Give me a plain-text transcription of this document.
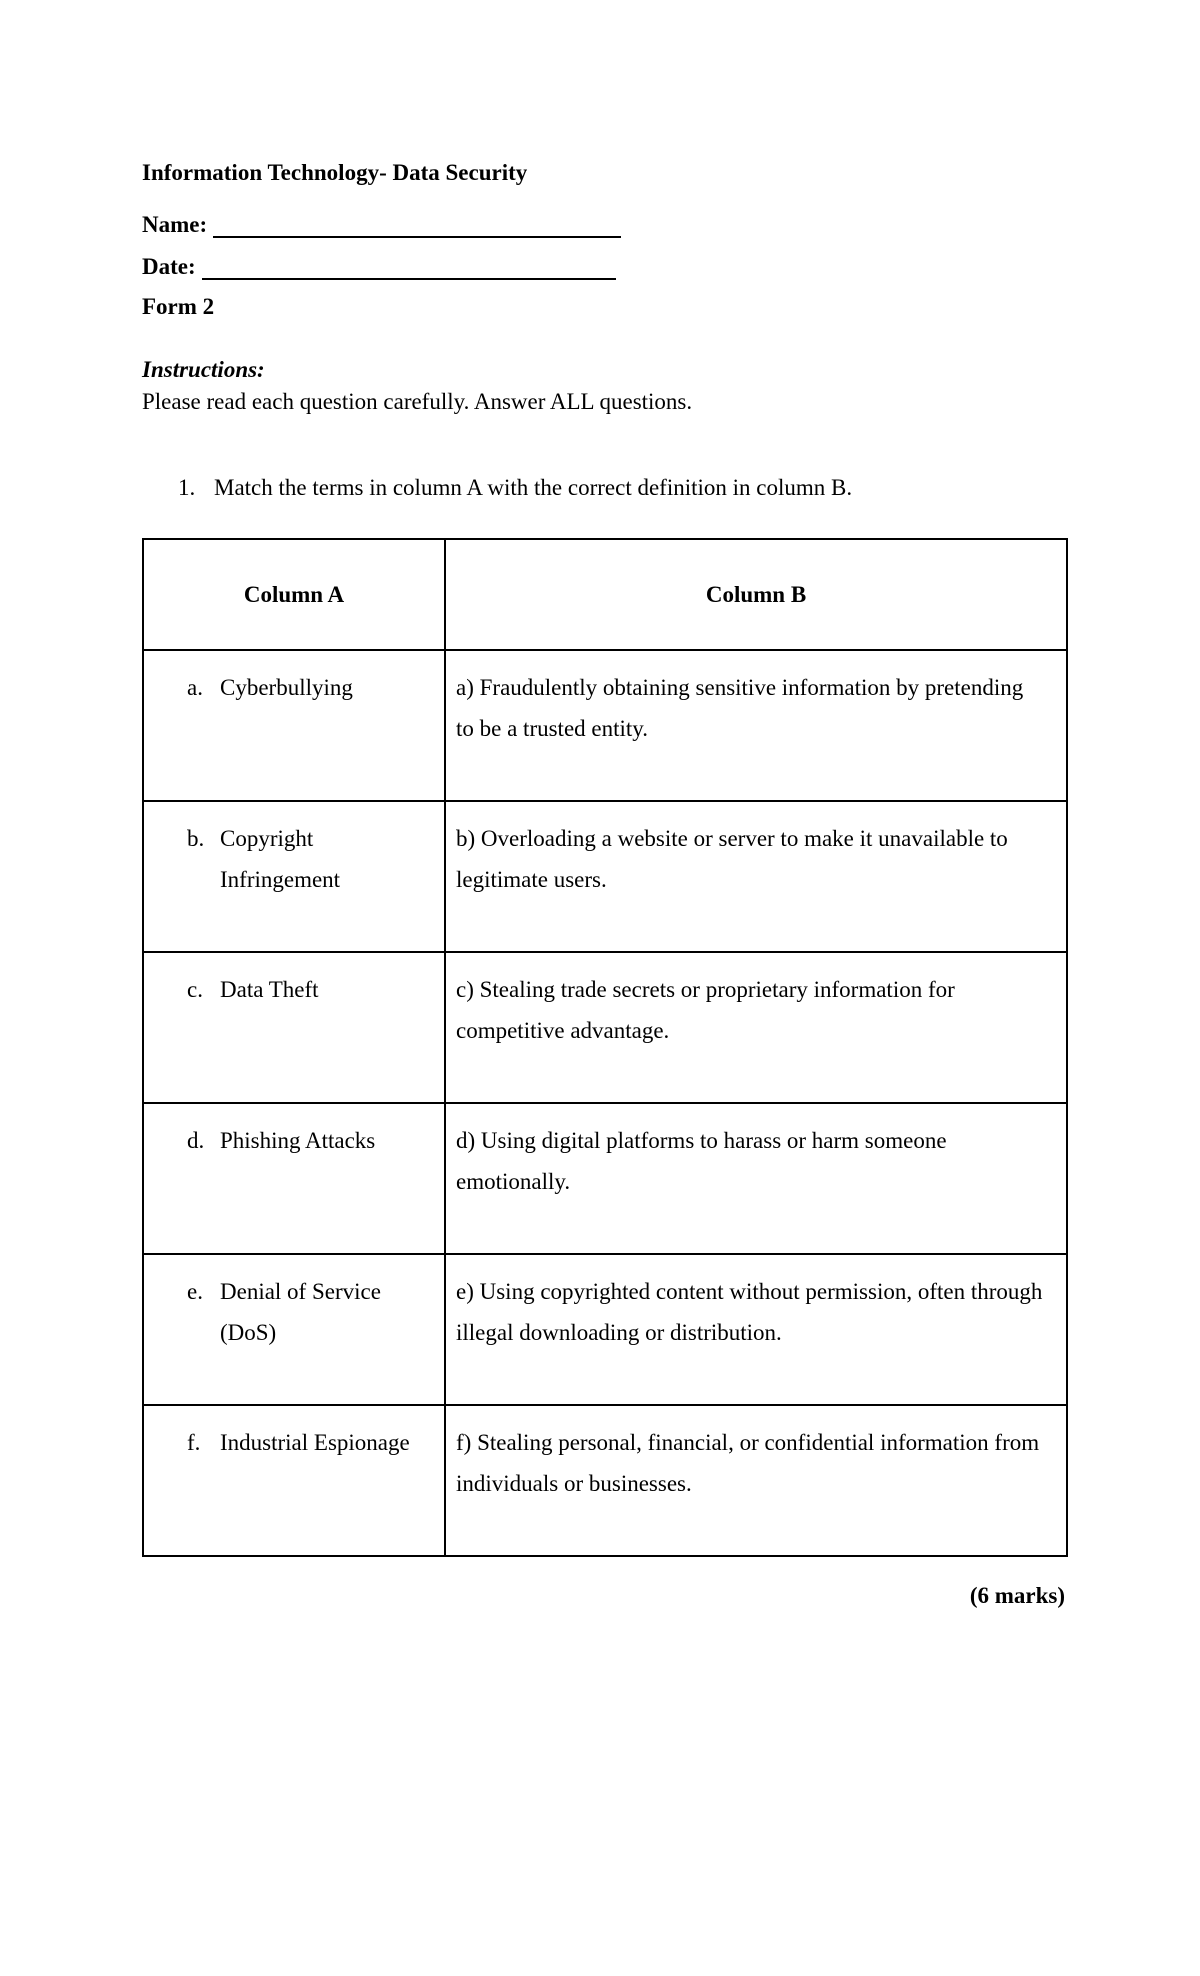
Information Technology- Data Security
Name:
Date:
Form 2
Instructions:
Please read each question carefully. Answer ALL questions.
1. Match the terms in column A with the correct definition in column B.
Column A	Column B

a. Cyberbullying	a) Fraudulently obtaining sensitive information by pretending to be a trusted entity.

b. Copyright Infringement	b) Overloading a website or server to make it unavailable to legitimate users.

c. Data Theft	c) Stealing trade secrets or proprietary information for competitive advantage.

d. Phishing Attacks	d) Using digital platforms to harass or harm someone emotionally.

e. Denial of Service (DoS)	e) Using copyrighted content without permission, often through illegal downloading or distribution.

f. Industrial Espionage	f) Stealing personal, financial, or confidential information from individuals or businesses.
(6 marks)
